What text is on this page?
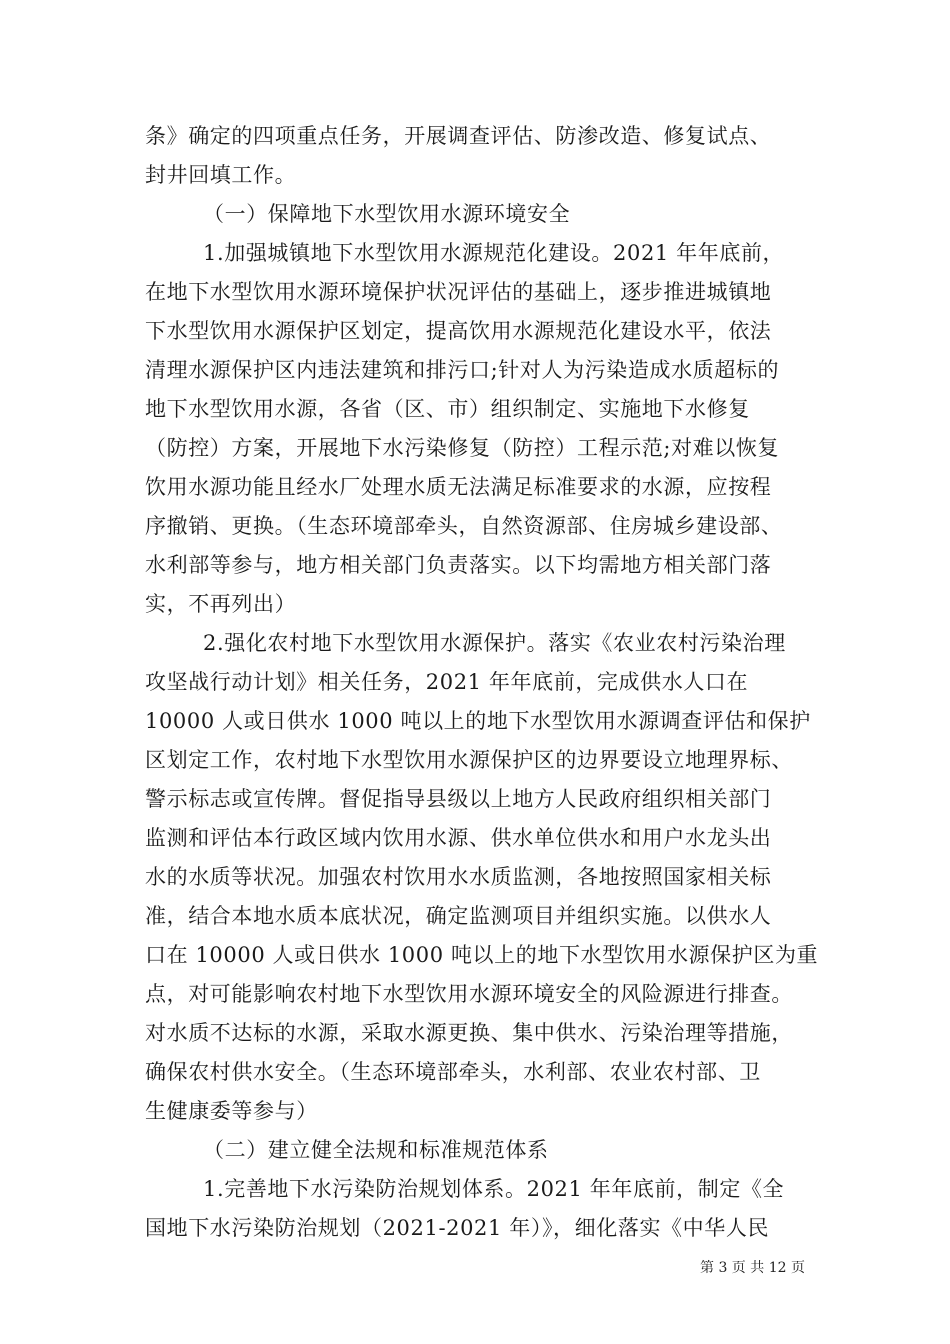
条》确定的四项重点任务，开展调查评估、防渗改造、修复试点、
封井回填工作。
（一）保障地下水型饮用水源环境安全
1.加强城镇地下水型饮用水源规范化建设。2021 年年底前，
在地下水型饮用水源环境保护状况评估的基础上，逐步推进城镇地
下水型饮用水源保护区划定，提高饮用水源规范化建设水平，依法
清理水源保护区内违法建筑和排污口;针对人为污染造成水质超标的
地下水型饮用水源，各省（区、市）组织制定、实施地下水修复
（防控）方案，开展地下水污染修复（防控）工程示范;对难以恢复
饮用水源功能且经水厂处理水质无法满足标准要求的水源，应按程
序撤销、更换。（生态环境部牵头，自然资源部、住房城乡建设部、
水利部等参与，地方相关部门负责落实。以下均需地方相关部门落
实，不再列出）
2.强化农村地下水型饮用水源保护。落实《农业农村污染治理
攻坚战行动计划》相关任务，2021 年年底前，完成供水人口在
10000 人或日供水 1000 吨以上的地下水型饮用水源调查评估和保护
区划定工作，农村地下水型饮用水源保护区的边界要设立地理界标、
警示标志或宣传牌。督促指导县级以上地方人民政府组织相关部门
监测和评估本行政区域内饮用水源、供水单位供水和用户水龙头出
水的水质等状况。加强农村饮用水水质监测，各地按照国家相关标
准，结合本地水质本底状况，确定监测项目并组织实施。以供水人
口在 10000 人或日供水 1000 吨以上的地下水型饮用水源保护区为重
点，对可能影响农村地下水型饮用水源环境安全的风险源进行排查。
对水质不达标的水源，采取水源更换、集中供水、污染治理等措施，
确保农村供水安全。（生态环境部牵头，水利部、农业农村部、卫
生健康委等参与）
（二）建立健全法规和标准规范体系
1.完善地下水污染防治规划体系。2021 年年底前，制定《全
国地下水污染防治规划（2021-2021 年）》，细化落实《中华人民
第 3 页 共 12 页
